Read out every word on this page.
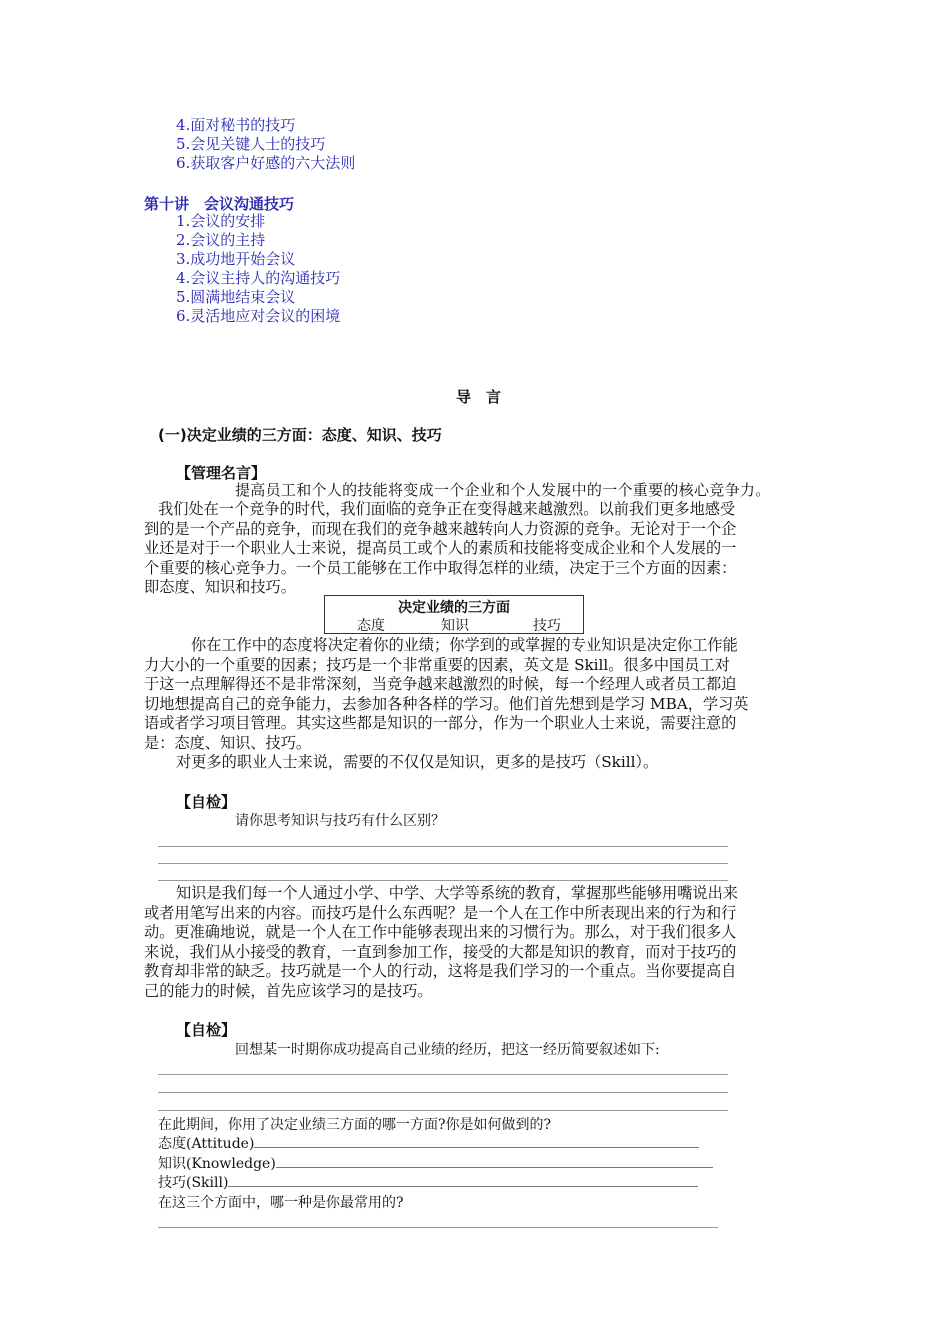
4.面对秘书的技巧
5.会见关键人士的技巧
6.获取客户好感的六大法则
第十讲　会议沟通技巧
1.会议的安排
2.会议的主持
3.成功地开始会议
4.会议主持人的沟通技巧
5.圆满地结束会议
6.灵活地应对会议的困境
导　言
(一)决定业绩的三方面：态度、知识、技巧
【管理名言】
提高员工和个人的技能将变成一个企业和个人发展中的一个重要的核心竞争力。
我们处在一个竞争的时代，我们面临的竞争正在变得越来越激烈。以前我们更多地感受
到的是一个产品的竞争，而现在我们的竞争越来越转向人力资源的竞争。无论对于一个企
业还是对于一个职业人士来说，提高员工或个人的素质和技能将变成企业和个人发展的一
个重要的核心竞争力。一个员工能够在工作中取得怎样的业绩，决定于三个方面的因素：
即态度、知识和技巧。
决定业绩的三方面
态度	知识	技巧
你在工作中的态度将决定着你的业绩；你学到的或掌握的专业知识是决定你工作能
力大小的一个重要的因素；技巧是一个非常重要的因素，英文是 Skill。很多中国员工对
于这一点理解得还不是非常深刻，当竞争越来越激烈的时候，每一个经理人或者员工都迫
切地想提高自己的竞争能力，去参加各种各样的学习。他们首先想到是学习 MBA，学习英
语或者学习项目管理。其实这些都是知识的一部分，作为一个职业人士来说，需要注意的
是：态度、知识、技巧。
对更多的职业人士来说，需要的不仅仅是知识，更多的是技巧（Skill）。
【自检】
请你思考知识与技巧有什么区别？
知识是我们每一个人通过小学、中学、大学等系统的教育，掌握那些能够用嘴说出来
或者用笔写出来的内容。而技巧是什么东西呢？是一个人在工作中所表现出来的行为和行
动。更准确地说，就是一个人在工作中能够表现出来的习惯行为。那么，对于我们很多人
来说，我们从小接受的教育，一直到参加工作，接受的大都是知识的教育，而对于技巧的
教育却非常的缺乏。技巧就是一个人的行动，这将是我们学习的一个重点。当你要提高自
己的能力的时候，首先应该学习的是技巧。
【自检】
回想某一时期你成功提高自己业绩的经历，把这一经历简要叙述如下:
在此期间，你用了决定业绩三方面的哪一方面?你是如何做到的?
态度(Attitude)
知识(Knowledge)
技巧(Skill)
在这三个方面中，哪一种是你最常用的?
